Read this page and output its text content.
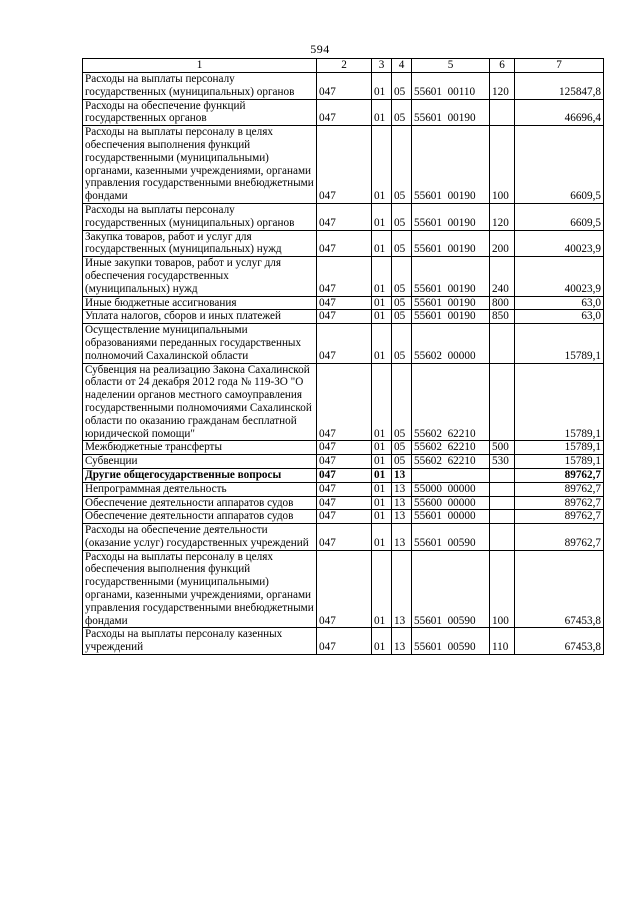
594
1	2	3	4	5	6	7
Расходы на выплаты персоналу государственных (муниципальных) органов	047	01	05	55601  00110	120	125847,8
Расходы на обеспечение функций государственных органов	047	01	05	55601  00190		46696,4
Расходы на выплаты персоналу в целях обеспечения выполнения функций государственными (муниципальными) органами, казенными учреждениями, органами управления государственными внебюджетными фондами	047	01	05	55601  00190	100	6609,5
Расходы на выплаты персоналу государственных (муниципальных) органов	047	01	05	55601  00190	120	6609,5
Закупка товаров, работ и услуг для государственных (муниципальных) нужд	047	01	05	55601  00190	200	40023,9
Иные закупки товаров, работ и услуг для обеспечения государственных (муниципальных) нужд	047	01	05	55601  00190	240	40023,9
Иные бюджетные ассигнования	047	01	05	55601  00190	800	63,0
Уплата налогов, сборов и иных платежей	047	01	05	55601  00190	850	63,0
Осуществление муниципальными образованиями переданных государственных полномочий Сахалинской области	047	01	05	55602  00000		15789,1
Субвенция на реализацию Закона Сахалинской области от 24 декабря 2012 года № 119-ЗО "О наделении органов местного самоуправления государственными полномочиями Сахалинской области по оказанию гражданам бесплатной юридической помощи"	047	01	05	55602  62210		15789,1
Межбюджетные трансферты	047	01	05	55602  62210	500	15789,1
Субвенции	047	01	05	55602  62210	530	15789,1
Другие общегосударственные вопросы	047	01	13			89762,7
Непрограммная деятельность	047	01	13	55000  00000		89762,7
Обеспечение деятельности аппаратов судов	047	01	13	55600  00000		89762,7
Обеспечение деятельности аппаратов судов	047	01	13	55601  00000		89762,7
Расходы на обеспечение деятельности (оказание услуг) государственных учреждений	047	01	13	55601  00590		89762,7
Расходы на выплаты персоналу в целях обеспечения выполнения функций государственными (муниципальными) органами, казенными учреждениями, органами управления государственными внебюджетными фондами	047	01	13	55601  00590	100	67453,8
Расходы на выплаты персоналу казенных учреждений	047	01	13	55601  00590	110	67453,8
